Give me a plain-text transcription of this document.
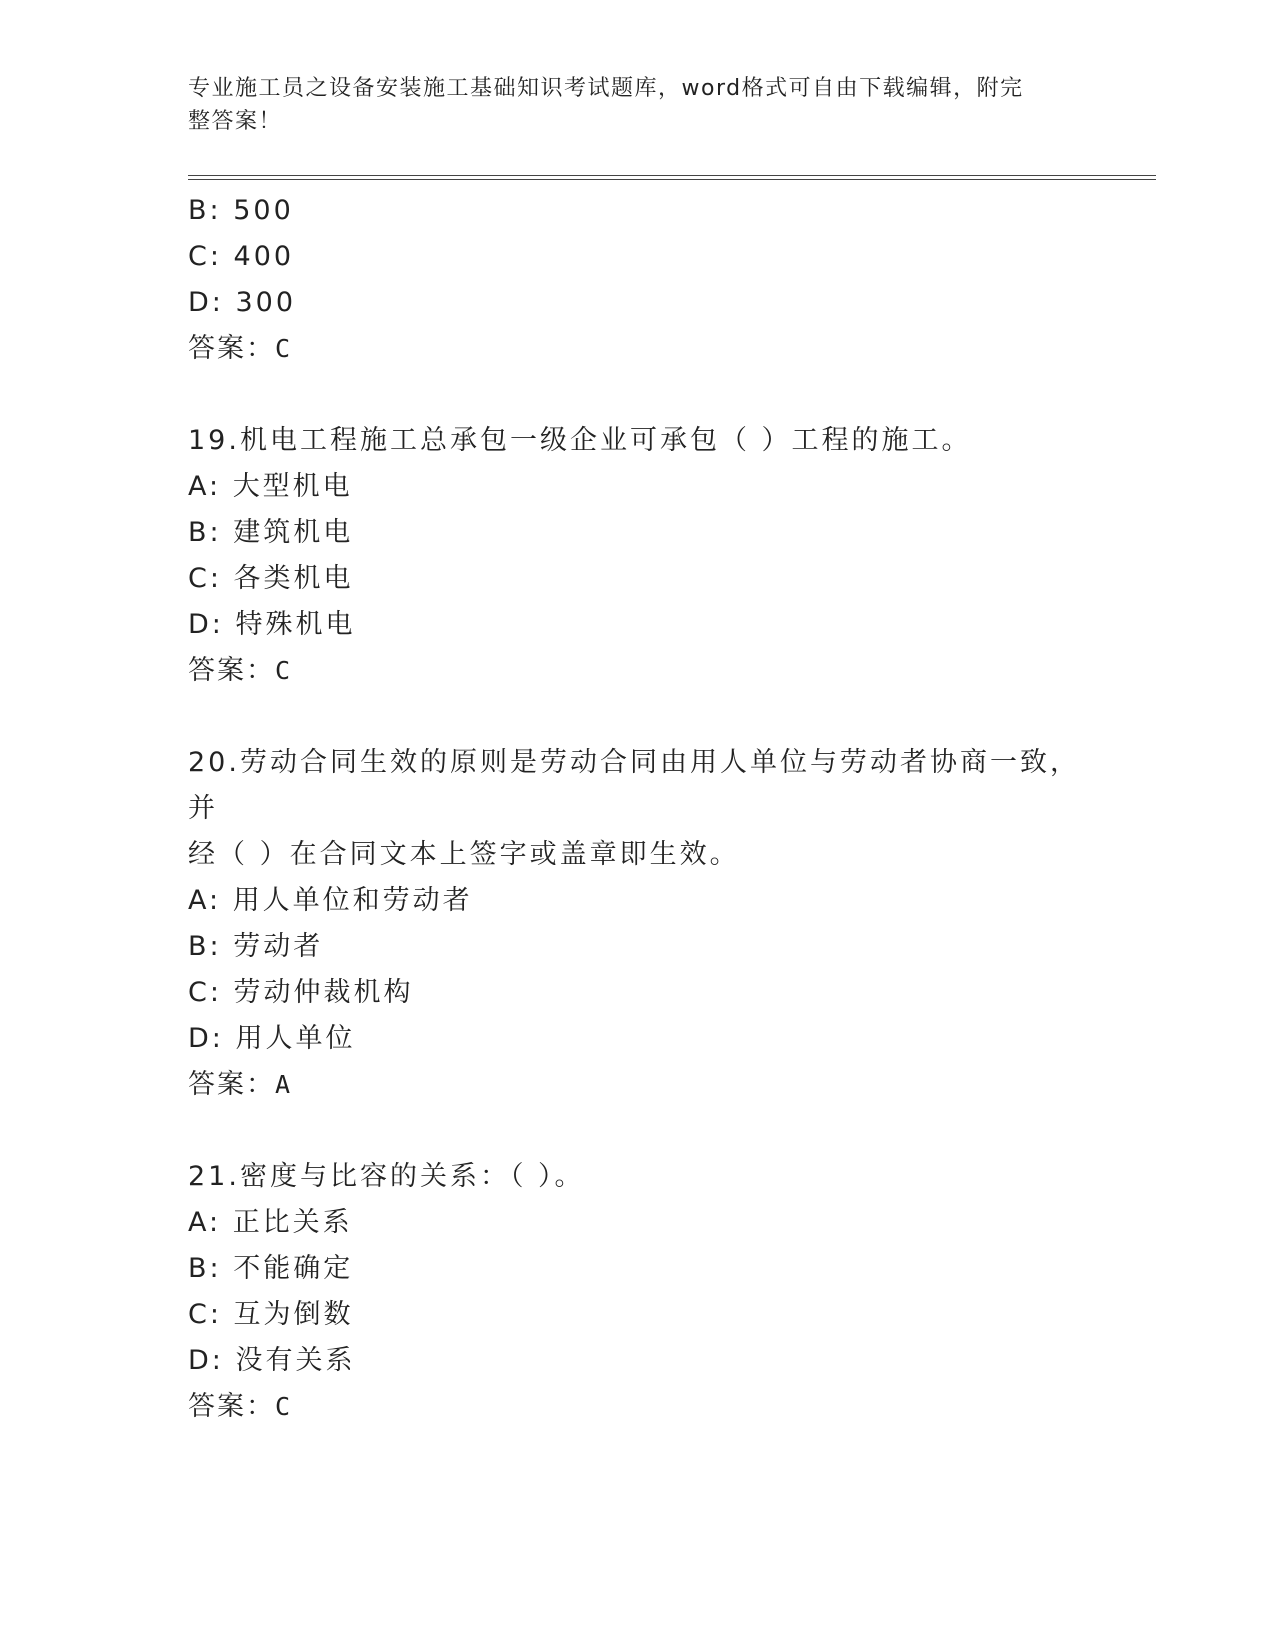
专业施工员之设备安装施工基础知识考试题库，word格式可自由下载编辑，附完
整答案！
B: 500
C: 400
D: 300
答案：C
19.机电工程施工总承包一级企业可承包（ ）工程的施工。
A: 大型机电
B: 建筑机电
C: 各类机电
D: 特殊机电
答案：C
20.劳动合同生效的原则是劳动合同由用人单位与劳动者协商一致，并
经（ ）在合同文本上签字或盖章即生效。
A: 用人单位和劳动者
B: 劳动者
C: 劳动仲裁机构
D: 用人单位
答案：A
21.密度与比容的关系：（ ）。
A: 正比关系
B: 不能确定
C: 互为倒数
D: 没有关系
答案：C
